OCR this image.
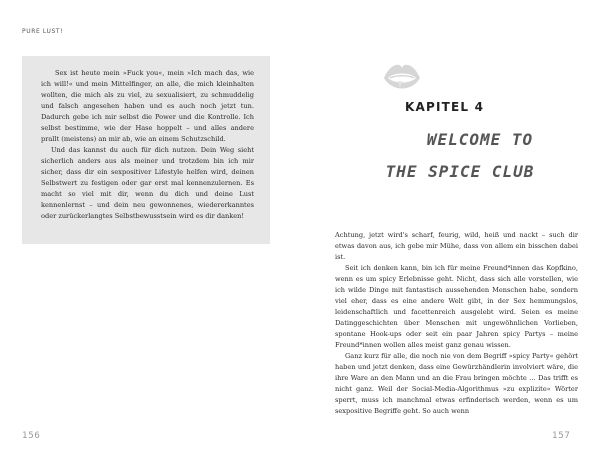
PURE LUST!

Sex ist heute mein »Fuck you«, mein »Ich mach das, wie ich will!« und mein Mittelfinger, an alle, die mich kleinhalten wollten, die mich als zu viel, zu sexualisiert, zu schmuddelig und falsch angesehen haben und es auch noch jetzt tun. Dadurch gebe ich mir selbst die Power und die Kontrolle. Ich selbst bestimme, wie der Hase hoppelt – und alles andere prallt (meistens) an mir ab, wie an einem Schutzschild.

Und das kannst du auch für dich nutzen. Dein Weg sieht sicherlich anders aus als meiner und trotzdem bin ich mir sicher, dass dir ein sexpositiver Lifestyle helfen wird, deinen Selbstwert zu festigen oder gar erst mal kennenzulernen. Es macht so viel mit dir, wenn du dich und deine Lust kennenlernst – und dein neu gewonnenes, wiedererkanntes oder zurückerlangtes Selbstbewusstsein wird es dir danken!

156
KAPITEL 4
WELCOME TO
THE SPICE CLUB

Achtung, jetzt wird's scharf, feurig, wild, heiß und nackt – such dir etwas davon aus, ich gebe mir Mühe, dass von allem ein bisschen dabei ist.

Seit ich denken kann, bin ich für meine Freund*innen das Kopfkino, wenn es um spicy Erlebnisse geht. Nicht, dass sich alle vorstellen, wie ich wilde Dinge mit fantastisch aussehenden Menschen habe, sondern viel eher, dass es eine andere Welt gibt, in der Sex hemmungslos, leidenschaftlich und facettenreich ausgelebt wird. Seien es meine Datinggeschichten über Menschen mit ungewöhnlichen Vorlieben, spontane Hook-ups oder seit ein paar Jahren spicy Partys – meine Freund*innen wollen alles meist ganz genau wissen.

Ganz kurz für alle, die noch nie von dem Begriff »spicy Party« gehört haben und jetzt denken, dass eine Gewürzhändlerin involviert wäre, die ihre Ware an den Mann und an die Frau bringen möchte … Das trifft es nicht ganz. Weil der Social-Media-Algorithmus »zu explizite« Wörter sperrt, muss ich manchmal etwas erfinderisch werden, wenn es um sexpositive Begriffe geht. So auch wenn

157
